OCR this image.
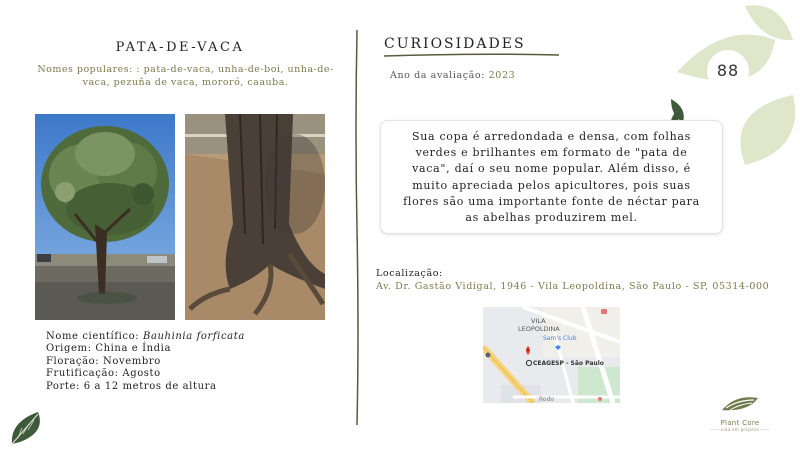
PATA-DE-VACA
Nomes populares: : pata-de-vaca, unha-de-boi, unha-de-vaca, pezuña de vaca, mororó, caauba.
Nome científico: Bauhinia forficata
Origem: China e Índia
Floração: Novembro
Frutificação: Agosto
Porte: 6 a 12 metros de altura
CURIOSIDADES
Ano da avaliação: 2023	88

Sua copa é arredondada e densa, com folhas verdes e brilhantes em formato de "pata de vaca", daí o seu nome popular. Além disso, é muito apreciada pelos apicultores, pois suas flores são uma importante fonte de néctar para as abelhas produzirem mel.

Localização:
Av. Dr. Gastão Vidigal, 1946 - Vila Leopoldina, São Paulo - SP, 05314-000
VILA
LEOPOLDINA
Sam's Club
CEAGESP - São Paulo
Rodo
Plant Core
—— vida em projetos ——
